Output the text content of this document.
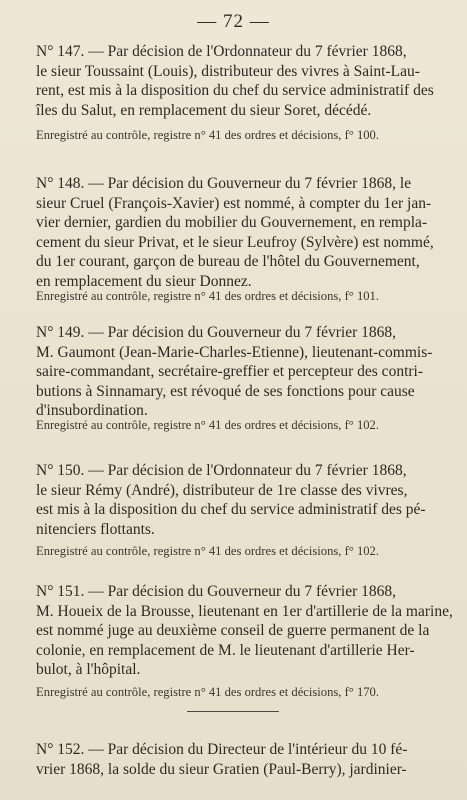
— 72 —
N° 147. — Par décision de l'Ordonnateur du 7 février 1868,
le sieur Toussaint (Louis), distributeur des vivres à Saint-Lau-
rent, est mis à la disposition du chef du service administratif des
îles du Salut, en remplacement du sieur Soret, décédé.
Enregistré au contrôle, registre n° 41 des ordres et décisions, f° 100.
N° 148. — Par décision du Gouverneur du 7 février 1868, le
sieur Cruel (François-Xavier) est nommé, à compter du 1er jan-
vier dernier, gardien du mobilier du Gouvernement, en rempla-
cement du sieur Privat, et le sieur Leufroy (Sylvère) est nommé,
du 1er courant, garçon de bureau de l'hôtel du Gouvernement,
en remplacement du sieur Donnez.
Enregistré au contrôle, registre n° 41 des ordres et décisions, f° 101.
N° 149. — Par décision du Gouverneur du 7 février 1868,
M. Gaumont (Jean-Marie-Charles-Etienne), lieutenant-commis-
saire-commandant, secrétaire-greffier et percepteur des contri-
butions à Sinnamary, est révoqué de ses fonctions pour cause
d'insubordination.
Enregistré au contrôle, registre n° 41 des ordres et décisions, f° 102.
N° 150. — Par décision de l'Ordonnateur du 7 février 1868,
le sieur Rémy (André), distributeur de 1re classe des vivres,
est mis à la disposition du chef du service administratif des pé-
nitenciers flottants.
Enregistré au contrôle, registre n° 41 des ordres et décisions, f° 102.
N° 151. — Par décision du Gouverneur du 7 février 1868,
M. Houeix de la Brousse, lieutenant en 1er d'artillerie de la marine,
est nommé juge au deuxième conseil de guerre permanent de la
colonie, en remplacement de M. le lieutenant d'artillerie Her-
bulot, à l'hôpital.
Enregistré au contrôle, registre n° 41 des ordres et décisions, f° 170.
N° 152. — Par décision du Directeur de l'intérieur du 10 fé-
vrier 1868, la solde du sieur Gratien (Paul-Berry), jardinier-
